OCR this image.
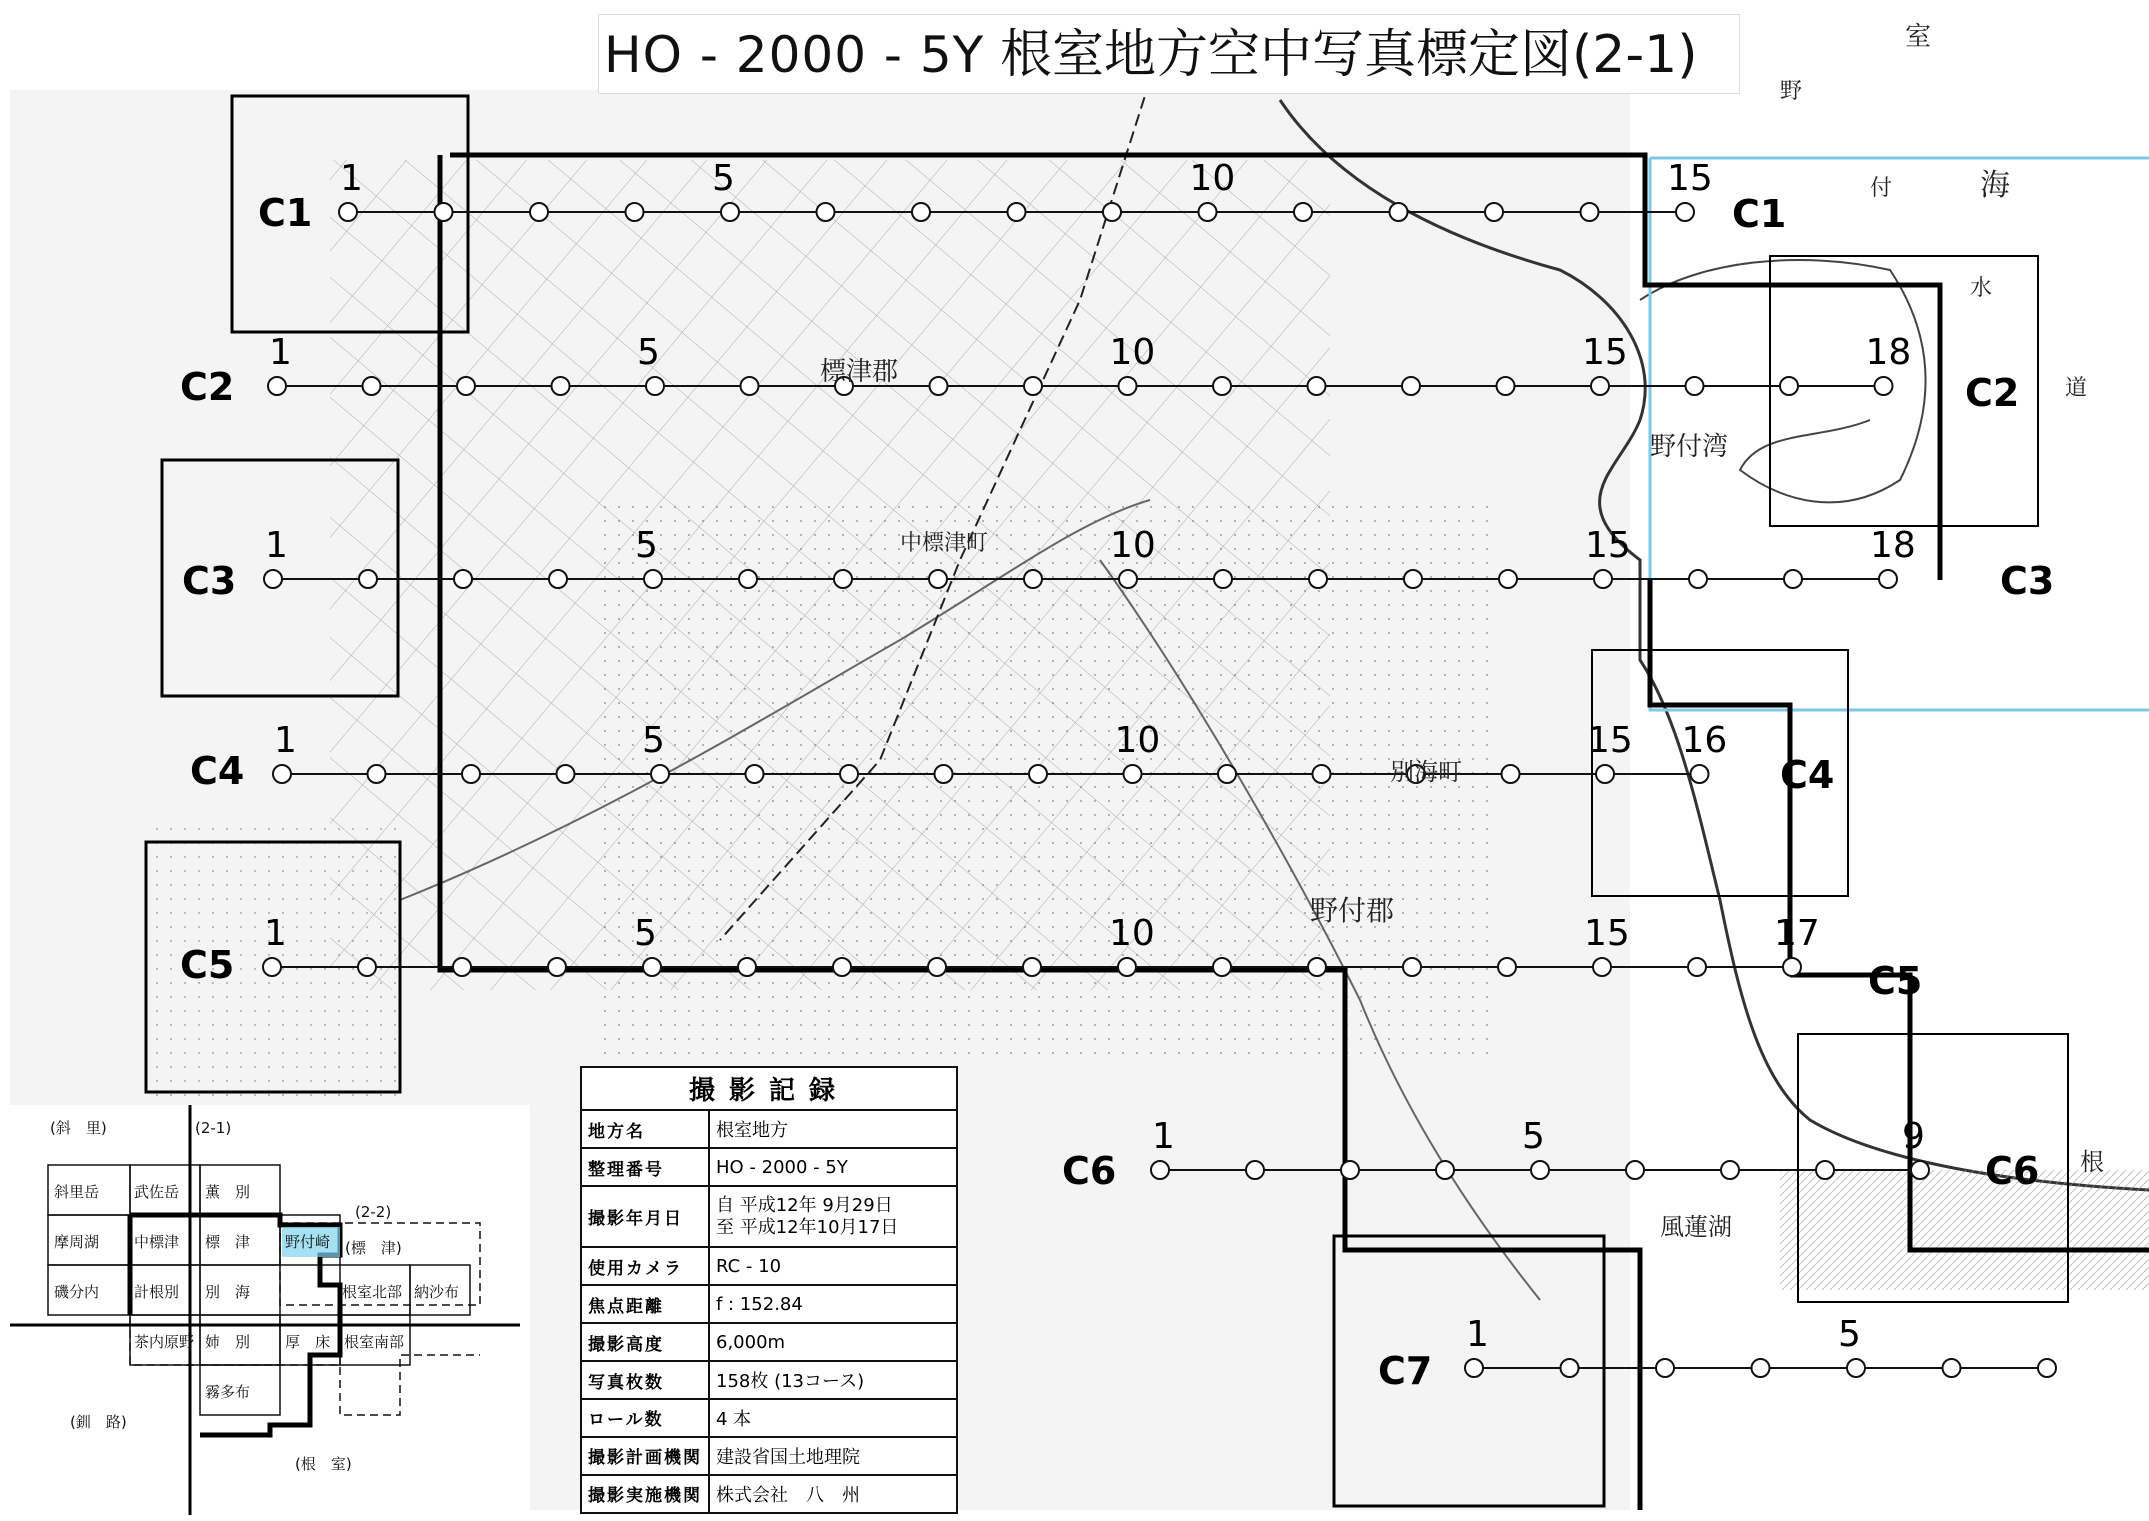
C1
1	5	10	15
C1
C2
1	5	10	15	18
C2
C3
1	5	10	15	18
C3
C4
1	5	10	15 16
C4
C5
1	5	10	15	17
C5
C6
1	5	9
C6
C7
1	5
室
野
海
付
水
道
野付湾
風蓮湖
別海町
中標津町
野付郡
標津郡
根
HO - 2000 - 5Y 根室地方空中写真標定図(2-1)
撮影記録	
地方名	根室地方
整理番号	HO - 2000 - 5Y
撮影年月日	自 平成12年 9月29日
至 平成12年10月17日

使用カメラ	RC - 10
焦点距離	f : 152.84
撮影高度	6,000m
写真枚数	158枚 (13コース)
ロール数	4 本
撮影計画機関	建設省国土地理院
撮影実施機関	株式会社　八　州
(斜　里)	(2-1)
(2-2)
(標　津)
(釧　路)
(根　室)
斜里岳 武佐岳 薫　別
摩周湖 中標津 標　津 野付崎
磯分内 計根別 別　海	根室北部 納沙布
茶内原野 姉　別 厚　床 根室南部
霧多布
